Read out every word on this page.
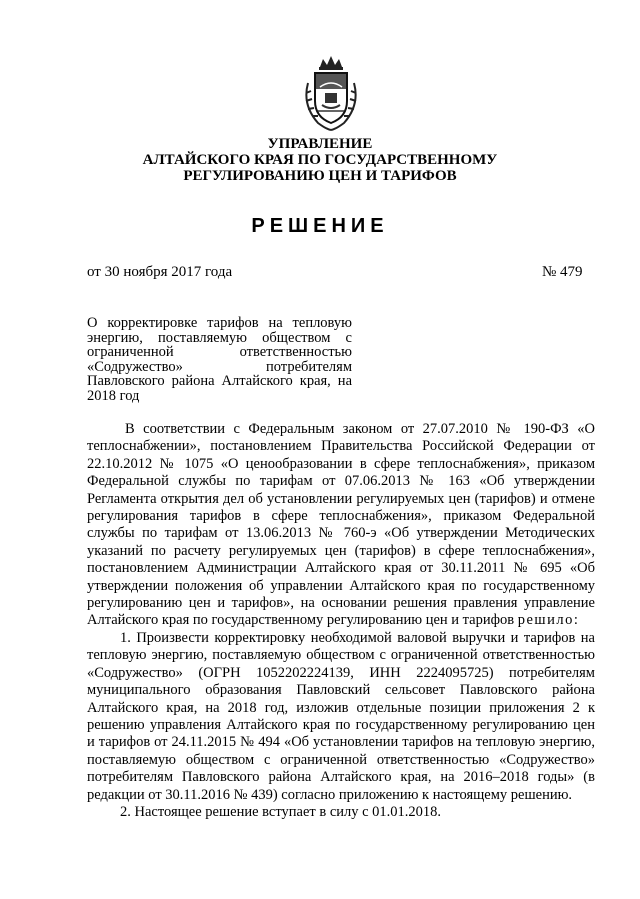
УПРАВЛЕНИЕ
АЛТАЙСКОГО КРАЯ ПО ГОСУДАРСТВЕННОМУ
РЕГУЛИРОВАНИЮ ЦЕН И ТАРИФОВ
РЕШЕНИЕ
от 30 ноября 2017 года	№ 479
О корректировке тарифов на тепловую энергию, поставляемую обществом с ограниченной ответственностью «Содружество» потребителям Павловского района Алтайского края, на 2018 год

В соответствии с Федеральным законом от 27.07.2010 № 190-ФЗ «О теплоснабжении», постановлением Правительства Российской Федерации от 22.10.2012 № 1075 «О ценообразовании в сфере теплоснабжения», приказом Федеральной службы по тарифам от 07.06.2013 № 163 «Об утверждении Регламента открытия дел об установлении регулируемых цен (тарифов) и отмене регулирования тарифов в сфере теплоснабжения», приказом Федеральной службы по тарифам от 13.06.2013 № 760-э «Об утверждении Методических указаний по расчету регулируемых цен (тарифов) в сфере теплоснабжения», постановлением Администрации Алтайского края от 30.11.2011 № 695 «Об утверждении положения об управлении Алтайского края по государственному регулированию цен и тарифов», на основании решения правления управление Алтайского края по государственному регулированию цен и тарифов решило:

1. Произвести корректировку необходимой валовой выручки и тарифов на тепловую энергию, поставляемую обществом с ограниченной ответственностью «Содружество» (ОГРН 1052202224139, ИНН 2224095725) потребителям муниципального образования Павловский сельсовет Павловского района Алтайского края, на 2018 год, изложив отдельные позиции приложения 2 к решению управления Алтайского края по государственному регулированию цен и тарифов от 24.11.2015 № 494 «Об установлении тарифов на тепловую энергию, поставляемую обществом с ограниченной ответственностью «Содружество» потребителям Павловского района Алтайского края, на 2016–2018 годы» (в редакции от 30.11.2016 № 439) согласно приложению к настоящему решению.

2. Настоящее решение вступает в силу с 01.01.2018.
